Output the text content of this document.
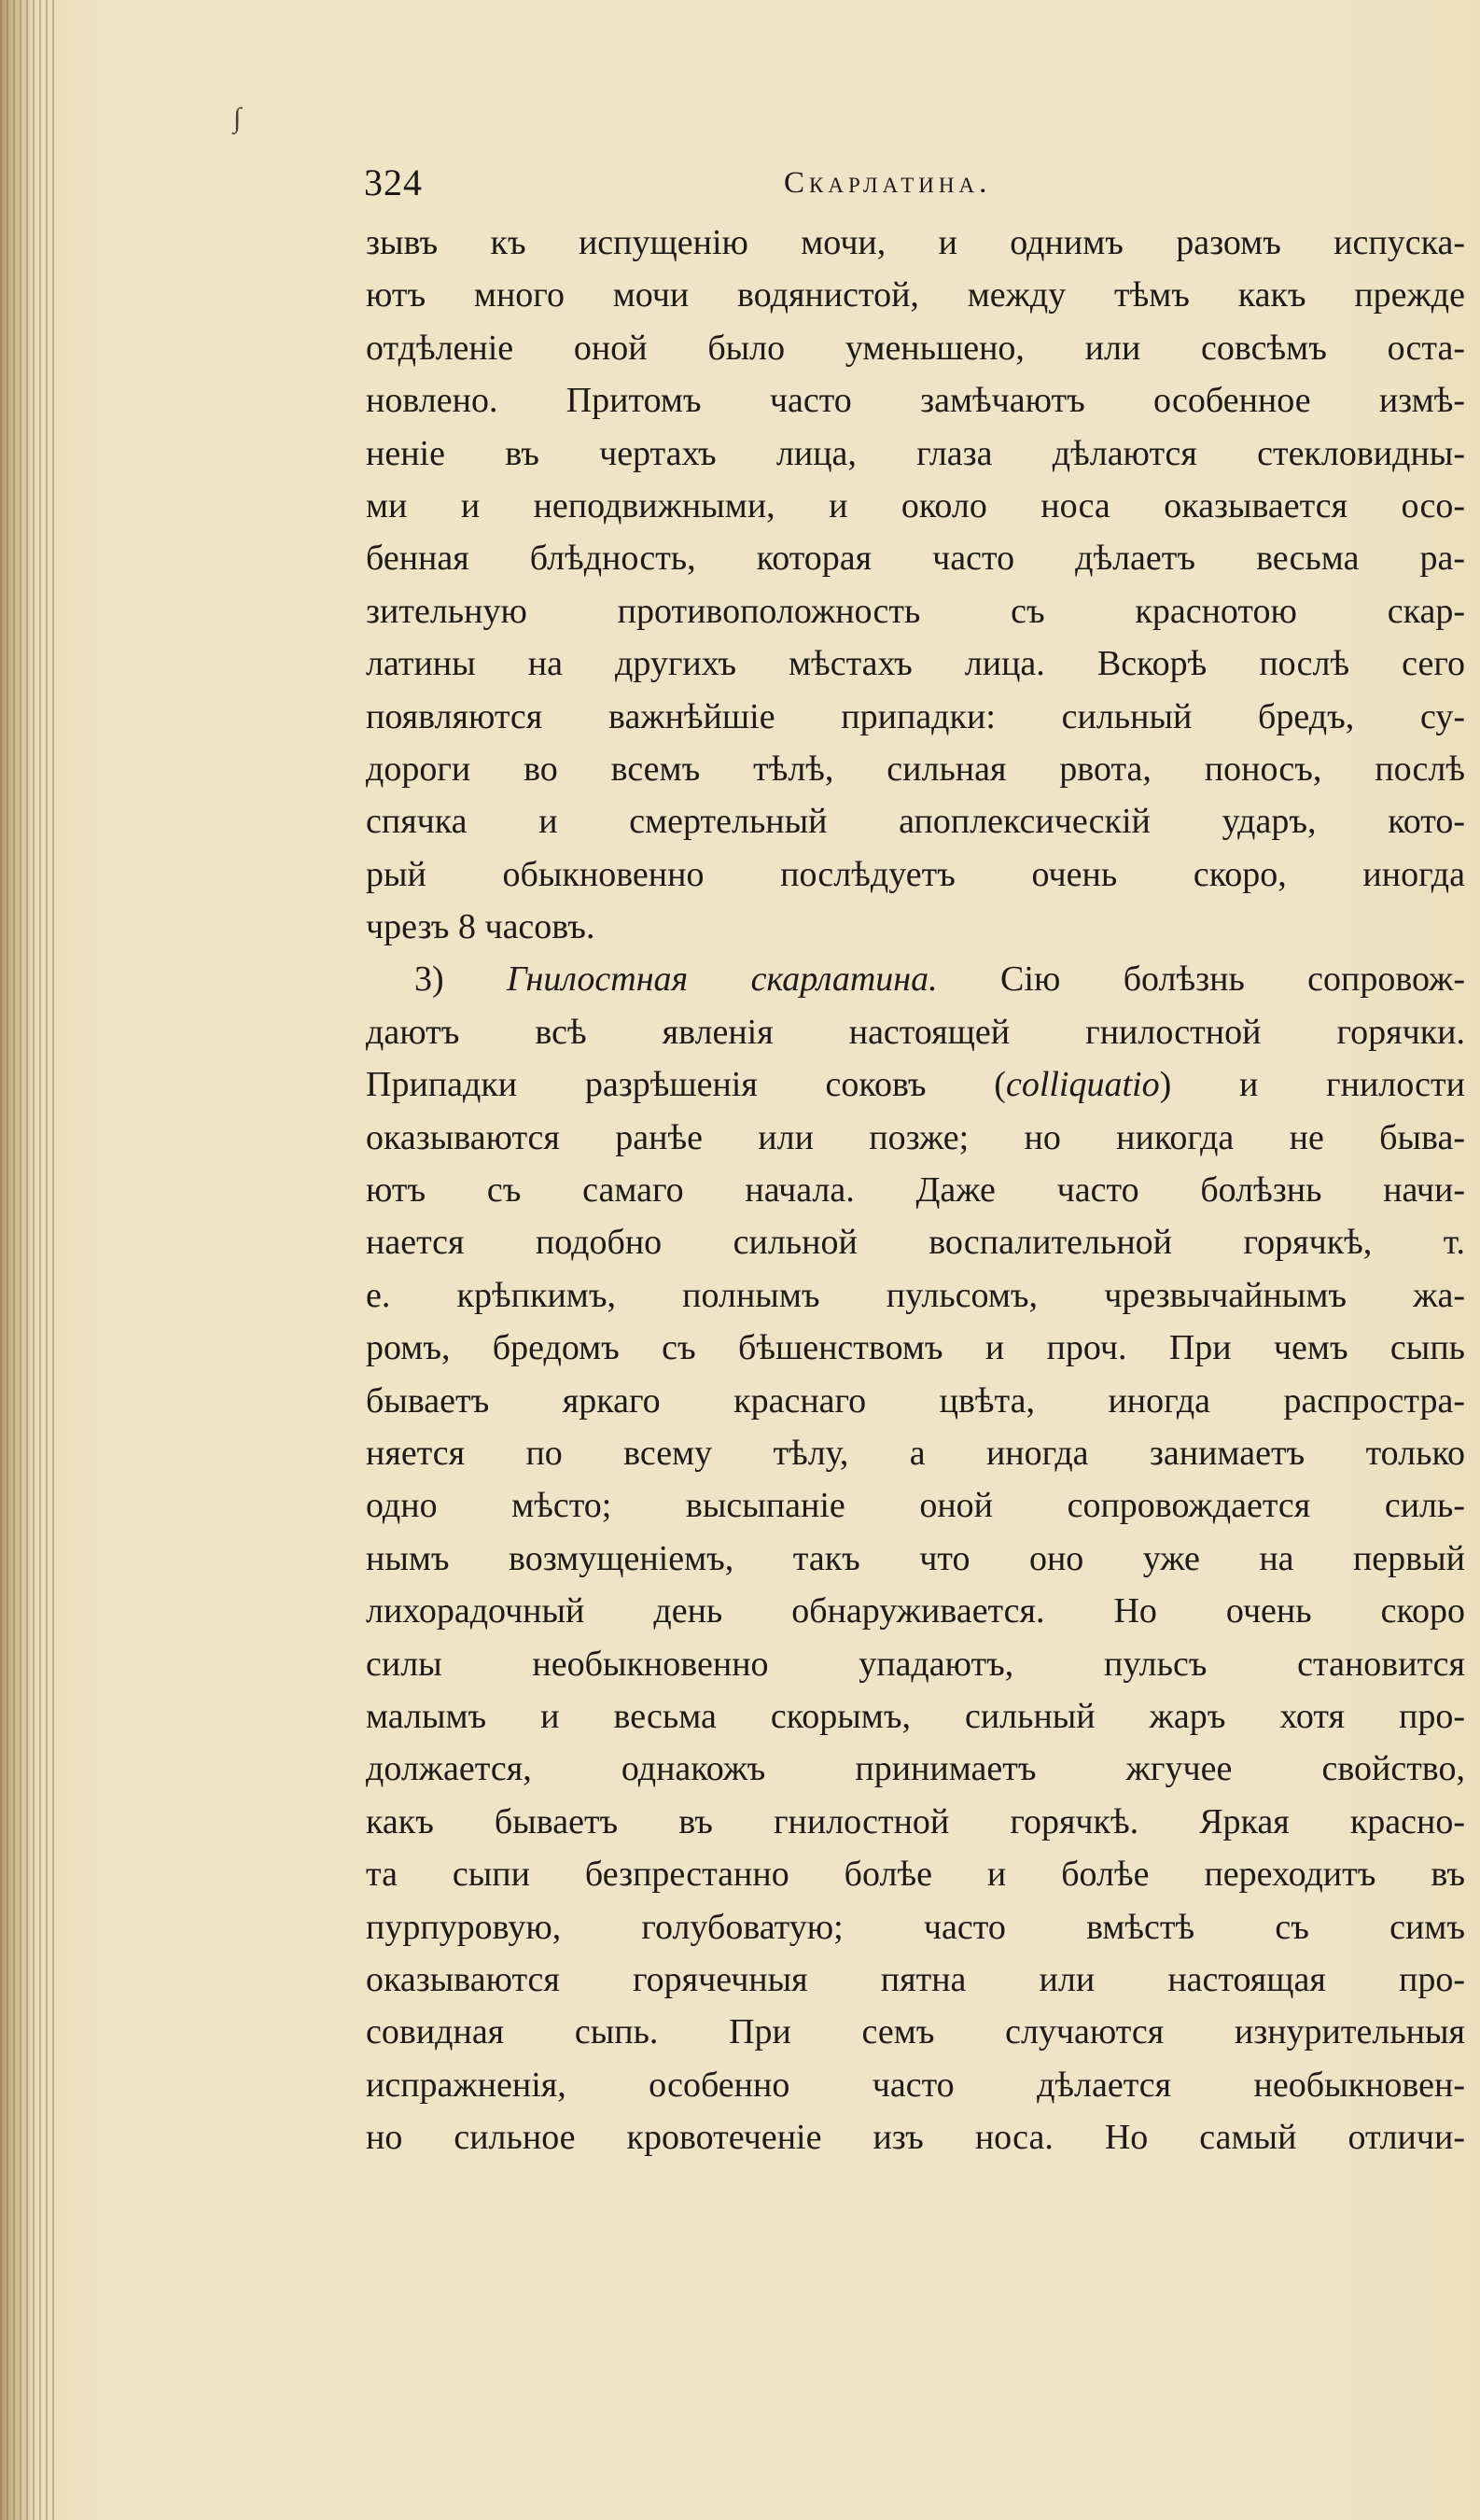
∫
324	Скарлатина.
зывъ къ испущенію мочи, и однимъ разомъ испуска-
ютъ много мочи водянистой, между тѣмъ какъ прежде
отдѣленіе оной было уменьшено, или совсѣмъ оста-
новлено. Притомъ часто замѣчаютъ особенное измѣ-
неніе въ чертахъ лица, глаза дѣлаются стекловидны-
ми и неподвижными, и около носа оказывается осо-
бенная блѣдность, которая часто дѣлаетъ весьма ра-
зительную противоположность съ краснотою скар-
латины на другихъ мѣстахъ лица. Вскорѣ послѣ сего
появляются важнѣйшіе припадки: сильный бредъ, су-
дороги во всемъ тѣлѣ, сильная рвота, поносъ, послѣ
спячка и смертельный апоплексическій ударъ, кото-
рый обыкновенно послѣдуетъ очень скоро, иногда
чрезъ 8 часовъ.
3) Гнилостная скарлатина. Сію болѣзнь сопровож-
даютъ всѣ явленія настоящей гнилостной горячки.
Припадки разрѣшенія соковъ (colliquatio) и гнилости
оказываются ранѣе или позже; но никогда не быва-
ютъ съ самаго начала. Даже часто болѣзнь начи-
нается подобно сильной воспалительной горячкѣ, т.
е. крѣпкимъ, полнымъ пульсомъ, чрезвычайнымъ жа-
ромъ, бредомъ съ бѣшенствомъ и проч. При чемъ сыпь
бываетъ яркаго краснаго цвѣта, иногда распростра-
няется по всему тѣлу, а иногда занимаетъ только
одно мѣсто; высыпаніе оной сопровождается силь-
нымъ возмущеніемъ, такъ что оно уже на первый
лихорадочный день обнаруживается. Но очень скоро
силы необыкновенно упадаютъ, пульсъ становится
малымъ и весьма скорымъ, сильный жаръ хотя про-
должается, однакожъ принимаетъ жгучее свойство,
какъ бываетъ въ гнилостной горячкѣ. Яркая красно-
та сыпи безпрестанно болѣе и болѣе переходитъ въ
пурпуровую, голубоватую; часто вмѣстѣ съ симъ
оказываются горячечныя пятна или настоящая про-
совидная сыпь. При семъ случаются изнурительныя
испражненія, особенно часто дѣлается необыкновен-
но сильное кровотеченіе изъ носа. Но самый отличи-
